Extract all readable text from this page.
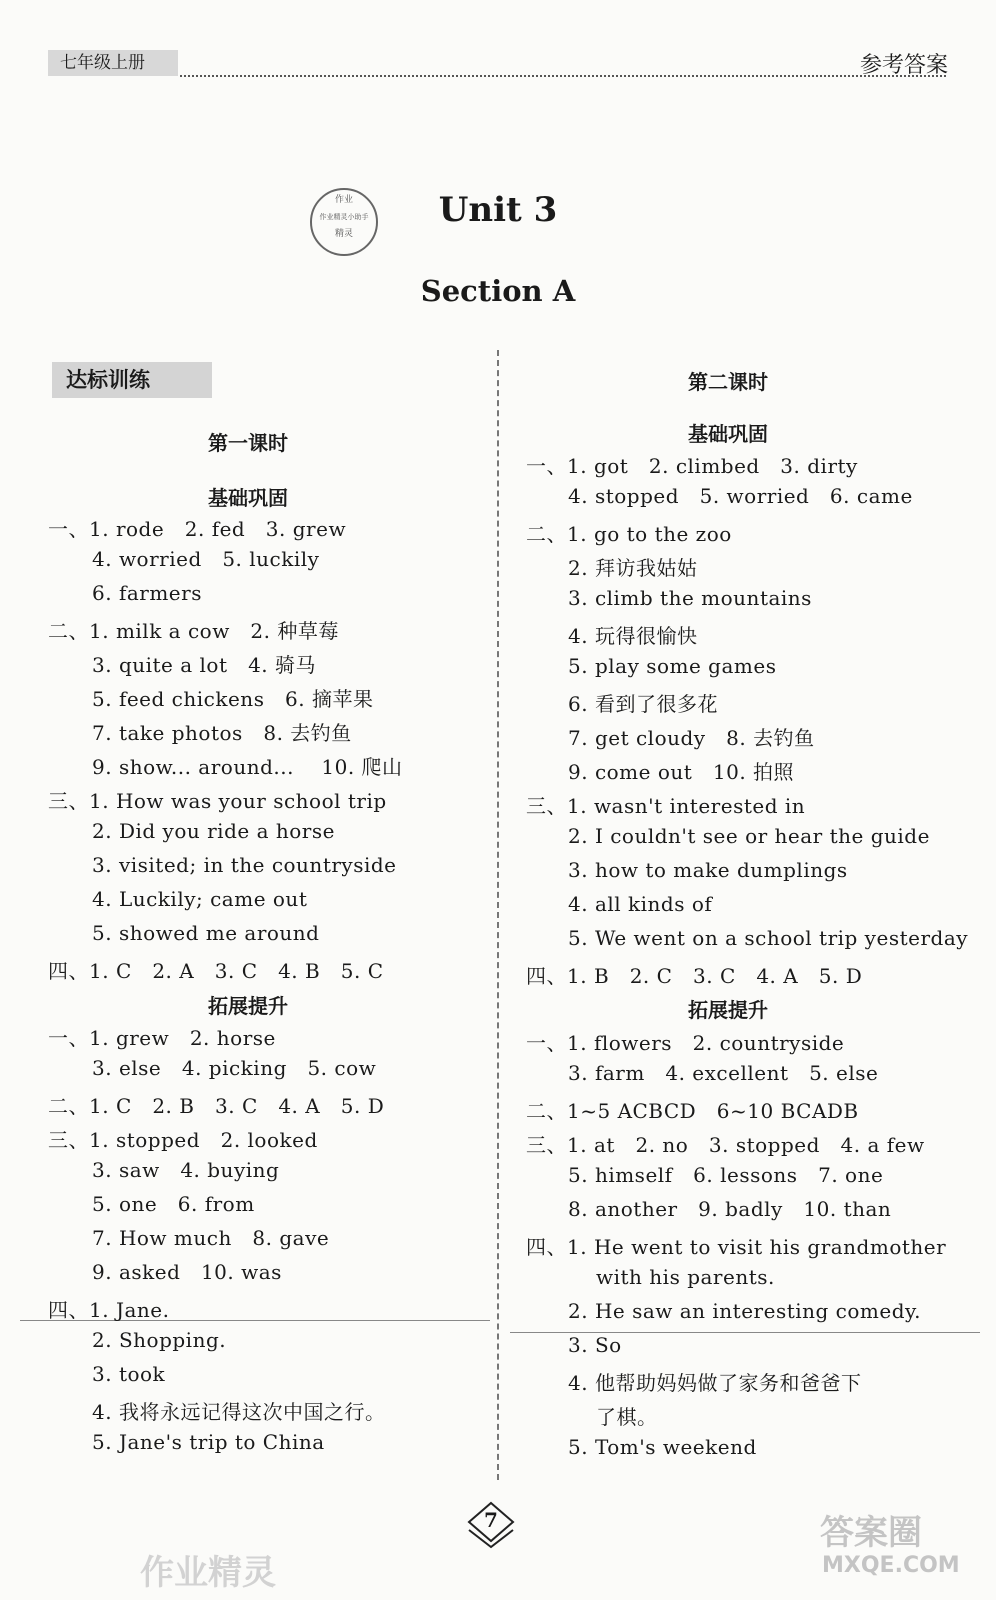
七年级上册	参考答案
作业
作业精灵小助手
精灵
Unit 3
Section A
达标训练
第一课时
基础巩固
拓展提升
一、1. rode   2. fed   3. grew
4. worried   5. luckily
6. farmers
二、1. milk a cow   2. 种草莓
3. quite a lot   4. 骑马
5. feed chickens   6. 摘苹果
7. take photos   8. 去钓鱼
9. show... around...    10. 爬山
三、1. How was your school trip
2. Did you ride a horse
3. visited; in the countryside
4. Luckily; came out
5. showed me around
四、1. C   2. A   3. C   4. B   5. C
一、1. grew   2. horse
3. else   4. picking   5. cow
二、1. C   2. B   3. C   4. A   5. D
三、1. stopped   2. looked
3. saw   4. buying
5. one   6. from
7. How much   8. gave
9. asked   10. was
四、1. Jane.
2. Shopping.
3. took
4. 我将永远记得这次中国之行。
5. Jane's trip to China
第二课时
基础巩固
拓展提升
一、1. got   2. climbed   3. dirty
4. stopped   5. worried   6. came
二、1. go to the zoo
2. 拜访我姑姑
3. climb the mountains
4. 玩得很愉快
5. play some games
6. 看到了很多花
7. get cloudy   8. 去钓鱼
9. come out   10. 拍照
三、1. wasn't interested in
2. I couldn't see or hear the guide
3. how to make dumplings
4. all kinds of
5. We went on a school trip yesterday
四、1. B   2. C   3. C   4. A   5. D
一、1. flowers   2. countryside
3. farm   4. excellent   5. else
二、1~5 ACBCD   6~10 BCADB
三、1. at   2. no   3. stopped   4. a few
5. himself   6. lessons   7. one
8. another   9. badly   10. than
四、1. He went to visit his grandmother
with his parents.
2. He saw an interesting comedy.
3. So
4. 他帮助妈妈做了家务和爸爸下
了棋。
5. Tom's weekend
7
作业精灵
答案圈
MXQE.COM
